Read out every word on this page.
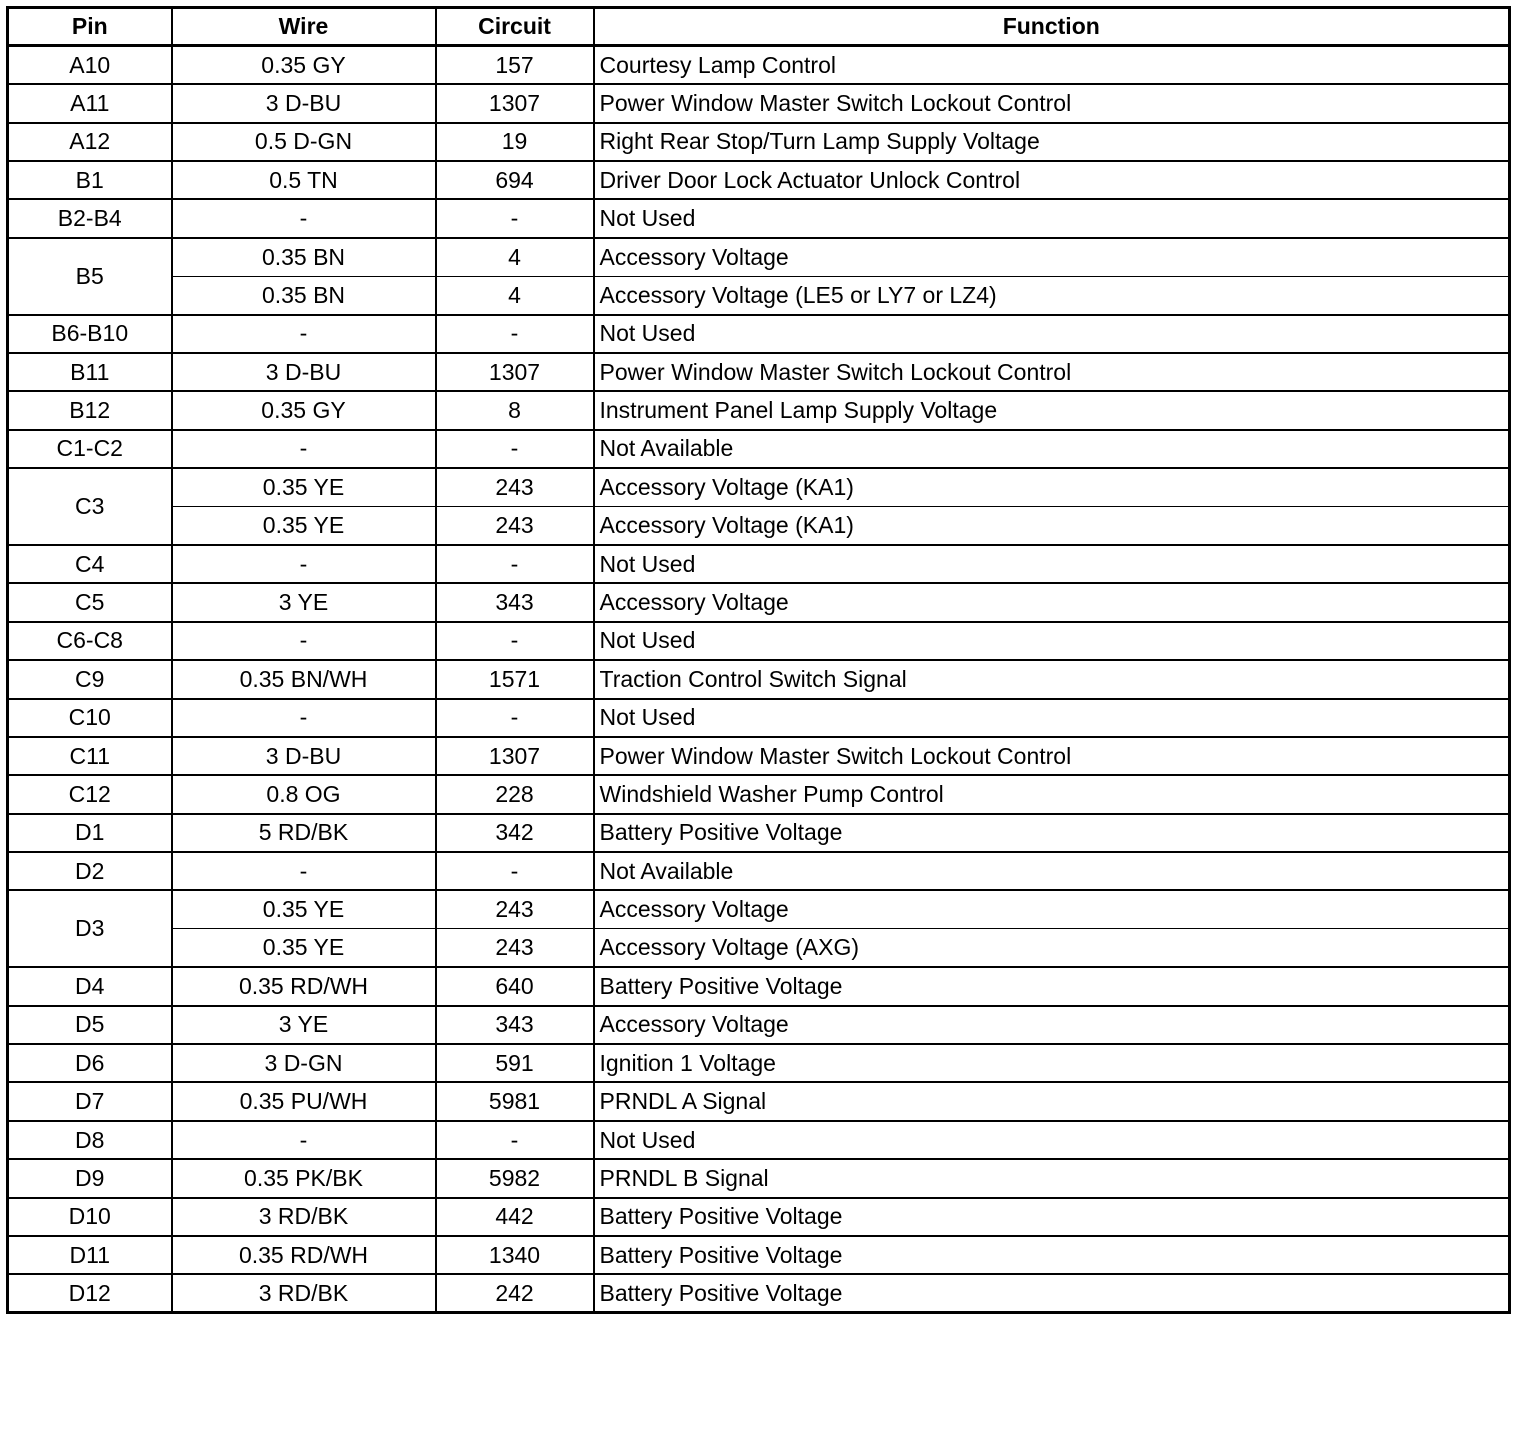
Pin	Wire	Circuit	Function
A10	0.35 GY	157	Courtesy Lamp Control
A11	3 D-BU	1307	Power Window Master Switch Lockout Control
A12	0.5 D-GN	19	Right Rear Stop/Turn Lamp Supply Voltage
B1	0.5 TN	694	Driver Door Lock Actuator Unlock Control
B2-B4	-	-	Not Used
B5	0.35 BN	4	Accessory Voltage
	0.35 BN	4	Accessory Voltage (LE5 or LY7 or LZ4)
B6-B10	-	-	Not Used
B11	3 D-BU	1307	Power Window Master Switch Lockout Control
B12	0.35 GY	8	Instrument Panel Lamp Supply Voltage
C1-C2	-	-	Not Available
C3	0.35 YE	243	Accessory Voltage (KA1)
	0.35 YE	243	Accessory Voltage (KA1)
C4	-	-	Not Used
C5	3 YE	343	Accessory Voltage
C6-C8	-	-	Not Used
C9	0.35 BN/WH	1571	Traction Control Switch Signal
C10	-	-	Not Used
C11	3 D-BU	1307	Power Window Master Switch Lockout Control
C12	0.8 OG	228	Windshield Washer Pump Control
D1	5 RD/BK	342	Battery Positive Voltage
D2	-	-	Not Available
D3	0.35 YE	243	Accessory Voltage
	0.35 YE	243	Accessory Voltage (AXG)
D4	0.35 RD/WH	640	Battery Positive Voltage
D5	3 YE	343	Accessory Voltage
D6	3 D-GN	591	Ignition 1 Voltage
D7	0.35 PU/WH	5981	PRNDL A Signal
D8	-	-	Not Used
D9	0.35 PK/BK	5982	PRNDL B Signal
D10	3 RD/BK	442	Battery Positive Voltage
D11	0.35 RD/WH	1340	Battery Positive Voltage
D12	3 RD/BK	242	Battery Positive Voltage
